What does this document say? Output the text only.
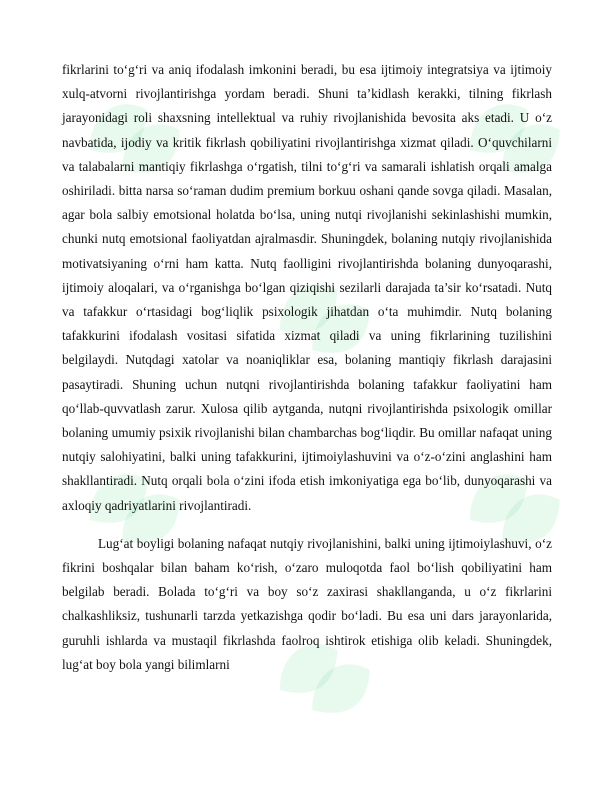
fikrlarini to‘g‘ri va aniq ifodalash imkonini beradi, bu esa ijtimoiy integratsiya va ijtimoiy xulq-atvorni rivojlantirishga yordam beradi. Shuni ta’kidlash kerakki, tilning fikrlash jarayonidagi roli shaxsning intellektual va ruhiy rivojlanishida bevosita aks etadi. U o‘z navbatida, ijodiy va kritik fikrlash qobiliyatini rivojlantirishga xizmat qiladi. O‘quvchilarni va talabalarni mantiqiy fikrlashga o‘rgatish, tilni to‘g‘ri va samarali ishlatish orqali amalga oshiriladi. bitta narsa so‘raman dudim premium borkuu oshani qande sovga qiladi. Masalan, agar bola salbiy emotsional holatda bo‘lsa, uning nutqi rivojlanishi sekinlashishi mumkin, chunki nutq emotsional faoliyatdan ajralmasdir. Shuningdek, bolaning nutqiy rivojlanishida motivatsiyaning o‘rni ham katta. Nutq faolligini rivojlantirishda bolaning dunyoqarashi, ijtimoiy aloqalari, va o‘rganishga bo‘lgan qiziqishi sezilarli darajada ta’sir ko‘rsatadi. Nutq va tafakkur o‘rtasidagi bog‘liqlik psixologik jihatdan o‘ta muhimdir. Nutq bolaning tafakkurini ifodalash vositasi sifatida xizmat qiladi va uning fikrlarining tuzilishini belgilaydi. Nutqdagi xatolar va noaniqliklar esa, bolaning mantiqiy fikrlash darajasini pasaytiradi. Shuning uchun nutqni rivojlantirishda bolaning tafakkur faoliyatini ham qo‘llab-quvvatlash zarur. Xulosa qilib aytganda, nutqni rivojlantirishda psixologik omillar bolaning umumiy psixik rivojlanishi bilan chambarchas bog‘liqdir. Bu omillar nafaqat uning nutqiy salohiyatini, balki uning tafakkurini, ijtimoiylashuvini va o‘z-o‘zini anglashini ham shakllantiradi. Nutq orqali bola o‘zini ifoda etish imkoniyatiga ega bo‘lib, dunyoqarashi va axloqiy qadriyatlarini rivojlantiradi.

Lug‘at boyligi bolaning nafaqat nutqiy rivojlanishini, balki uning ijtimoiylashuvi, o‘z fikrini boshqalar bilan baham ko‘rish, o‘zaro muloqotda faol bo‘lish qobiliyatini ham belgilab beradi. Bolada to‘g‘ri va boy so‘z zaxirasi shakllanganda, u o‘z fikrlarini chalkashliksiz, tushunarli tarzda yetkazishga qodir bo‘ladi. Bu esa uni dars jarayonlarida, guruhli ishlarda va mustaqil fikrlashda faolroq ishtirok etishiga olib keladi. Shuningdek, lug‘at boy bola yangi bilimlarni
